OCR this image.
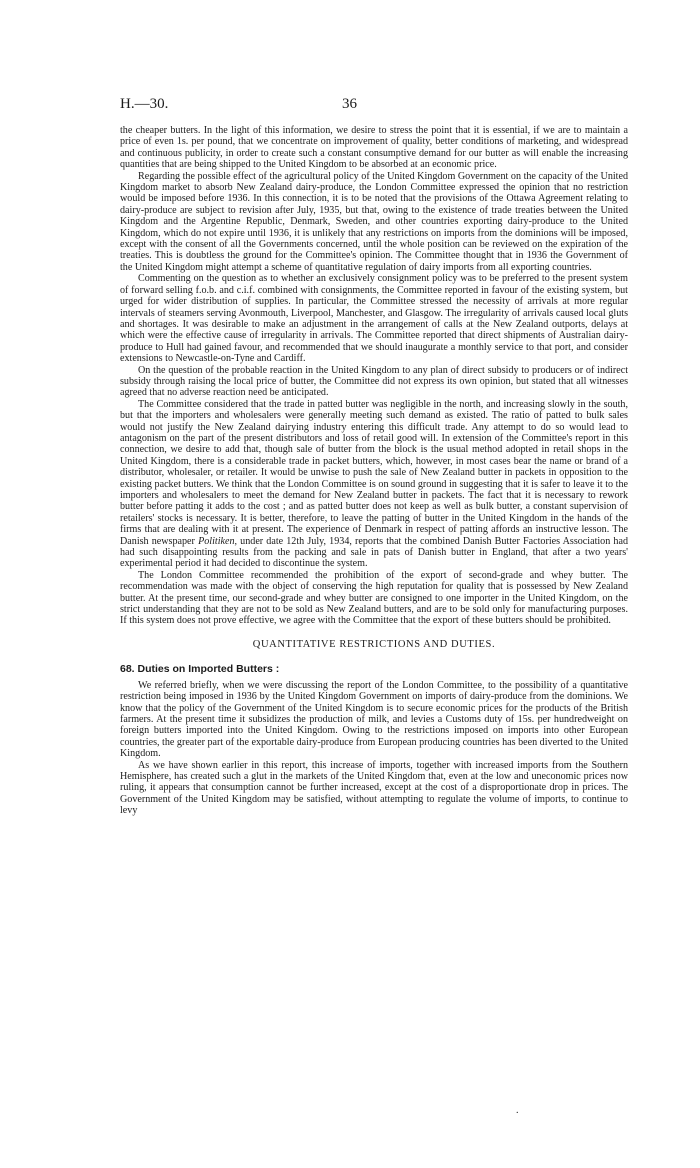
H.—30.	36

the cheaper butters. In the light of this information, we desire to stress the point that it is essential, if we are to maintain a price of even 1s. per pound, that we concentrate on improvement of quality, better conditions of marketing, and widespread and continuous publicity, in order to create such a constant consumptive demand for our butter as will enable the increasing quantities that are being shipped to the United Kingdom to be absorbed at an economic price.

Regarding the possible effect of the agricultural policy of the United Kingdom Government on the capacity of the United Kingdom market to absorb New Zealand dairy-produce, the London Committee expressed the opinion that no restriction would be imposed before 1936. In this connection, it is to be noted that the provisions of the Ottawa Agreement relating to dairy-produce are subject to revision after July, 1935, but that, owing to the existence of trade treaties between the United Kingdom and the Argentine Republic, Denmark, Sweden, and other countries exporting dairy-produce to the United Kingdom, which do not expire until 1936, it is unlikely that any restrictions on imports from the dominions will be imposed, except with the consent of all the Governments concerned, until the whole position can be reviewed on the expiration of the treaties. This is doubtless the ground for the Committee's opinion. The Committee thought that in 1936 the Government of the United Kingdom might attempt a scheme of quantitative regulation of dairy imports from all exporting countries.

Commenting on the question as to whether an exclusively consignment policy was to be preferred to the present system of forward selling f.o.b. and c.i.f. combined with consignments, the Committee reported in favour of the existing system, but urged for wider distribution of supplies. In particular, the Committee stressed the necessity of arrivals at more regular intervals of steamers serving Avonmouth, Liverpool, Manchester, and Glasgow. The irregularity of arrivals caused local gluts and shortages. It was desirable to make an adjustment in the arrangement of calls at the New Zealand outports, delays at which were the effective cause of irregularity in arrivals. The Committee reported that direct shipments of Australian dairy-produce to Hull had gained favour, and recommended that we should inaugurate a monthly service to that port, and consider extensions to Newcastle-on-Tyne and Cardiff.

On the question of the probable reaction in the United Kingdom to any plan of direct subsidy to producers or of indirect subsidy through raising the local price of butter, the Committee did not express its own opinion, but stated that all witnesses agreed that no adverse reaction need be anticipated.

The Committee considered that the trade in patted butter was negligible in the north, and increasing slowly in the south, but that the importers and wholesalers were generally meeting such demand as existed. The ratio of patted to bulk sales would not justify the New Zealand dairying industry entering this difficult trade. Any attempt to do so would lead to antagonism on the part of the present distributors and loss of retail good will. In extension of the Committee's report in this connection, we desire to add that, though sale of butter from the block is the usual method adopted in retail shops in the United Kingdom, there is a considerable trade in packet butters, which, however, in most cases bear the name or brand of a distributor, wholesaler, or retailer. It would be unwise to push the sale of New Zealand butter in packets in opposition to the existing packet butters. We think that the London Committee is on sound ground in suggesting that it is safer to leave it to the importers and wholesalers to meet the demand for New Zealand butter in packets. The fact that it is necessary to rework butter before patting it adds to the cost ; and as patted butter does not keep as well as bulk butter, a constant supervision of retailers' stocks is necessary. It is better, therefore, to leave the patting of butter in the United Kingdom in the hands of the firms that are dealing with it at present. The experience of Denmark in respect of patting affords an instructive lesson. The Danish newspaper Politiken, under date 12th July, 1934, reports that the combined Danish Butter Factories Association had had such disappointing results from the packing and sale in pats of Danish butter in England, that after a two years' experimental period it had decided to discontinue the system.

The London Committee recommended the prohibition of the export of second-grade and whey butter. The recommendation was made with the object of conserving the high reputation for quality that is possessed by New Zealand butter. At the present time, our second-grade and whey butter are consigned to one importer in the United Kingdom, on the strict understanding that they are not to be sold as New Zealand butters, and are to be sold only for manufacturing purposes. If this system does not prove effective, we agree with the Committee that the export of these butters should be prohibited.

QUANTITATIVE RESTRICTIONS AND DUTIES.
68. Duties on Imported Butters :

We referred briefly, when we were discussing the report of the London Committee, to the possibility of a quantitative restriction being imposed in 1936 by the United Kingdom Government on imports of dairy-produce from the dominions. We know that the policy of the Government of the United Kingdom is to secure economic prices for the products of the British farmers. At the present time it subsidizes the production of milk, and levies a Customs duty of 15s. per hundredweight on foreign butters imported into the United Kingdom. Owing to the restrictions imposed on imports into other European countries, the greater part of the exportable dairy-produce from European producing countries has been diverted to the United Kingdom.

As we have shown earlier in this report, this increase of imports, together with increased imports from the Southern Hemisphere, has created such a glut in the markets of the United Kingdom that, even at the low and uneconomic prices now ruling, it appears that consumption cannot be further increased, except at the cost of a disproportionate drop in prices. The Government of the United Kingdom may be satisfied, without attempting to regulate the volume of imports, to continue to levy

.
